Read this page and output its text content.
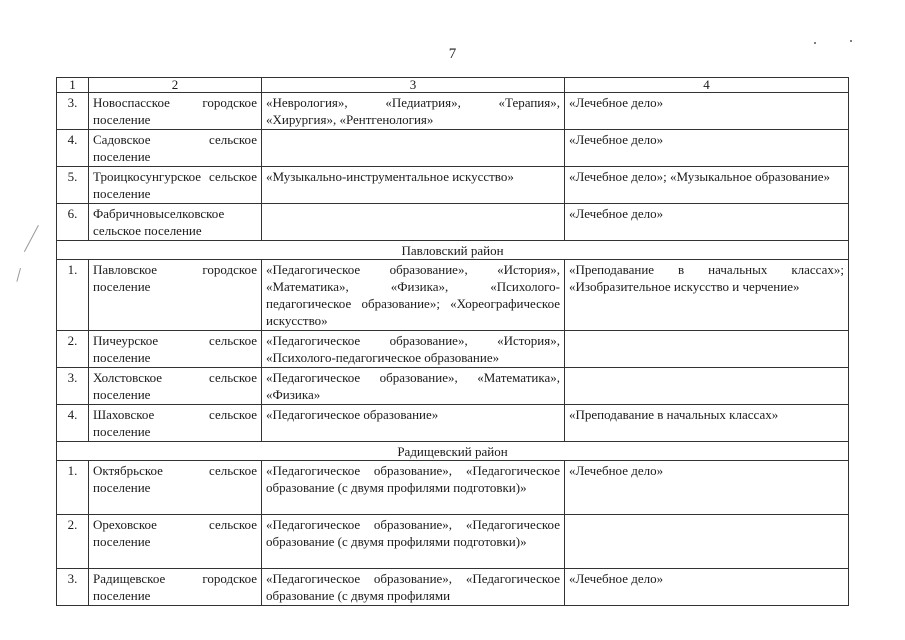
7
1	2	3	4
3.	Новоспасское городское поселение	«Неврология», «Педиатрия», «Терапия», «Хирургия», «Рентгенология»	«Лечебное дело»
4.	Садовское сельское поселение		«Лечебное дело»
5.	Троицкосунгурское сельское поселение	«Музыкально-инструментальное искусство»	«Лечебное дело»; «Музыкальное образование»
6.	Фабричновыселковское сельское поселение		«Лечебное дело»
Павловский район			
1.	Павловское городское поселение	«Педагогическое образование», «История», «Математика», «Физика», «Психолого-педагогическое образование»; «Хореографическое искусство»	«Преподавание в начальных классах»; «Изобразительное искусство и черчение»
2.	Пичеурское сельское поселение	«Педагогическое образование», «История», «Психолого-педагогическое образование»	
3.	Холстовское сельское поселение	«Педагогическое образование», «Математика», «Физика»	
4.	Шаховское сельское поселение	«Педагогическое образование»	«Преподавание в начальных классах»
Радищевский район			
1.	Октябрьское сельское поселение	«Педагогическое образование», «Педагогическое образование (с двумя профилями подготовки)»	«Лечебное дело»
2.	Ореховское сельское поселение	«Педагогическое образование», «Педагогическое образование (с двумя профилями подготовки)»	
3.	Радищевское городское поселение	«Педагогическое образование», «Педагогическое образование (с двумя профилями	«Лечебное дело»
